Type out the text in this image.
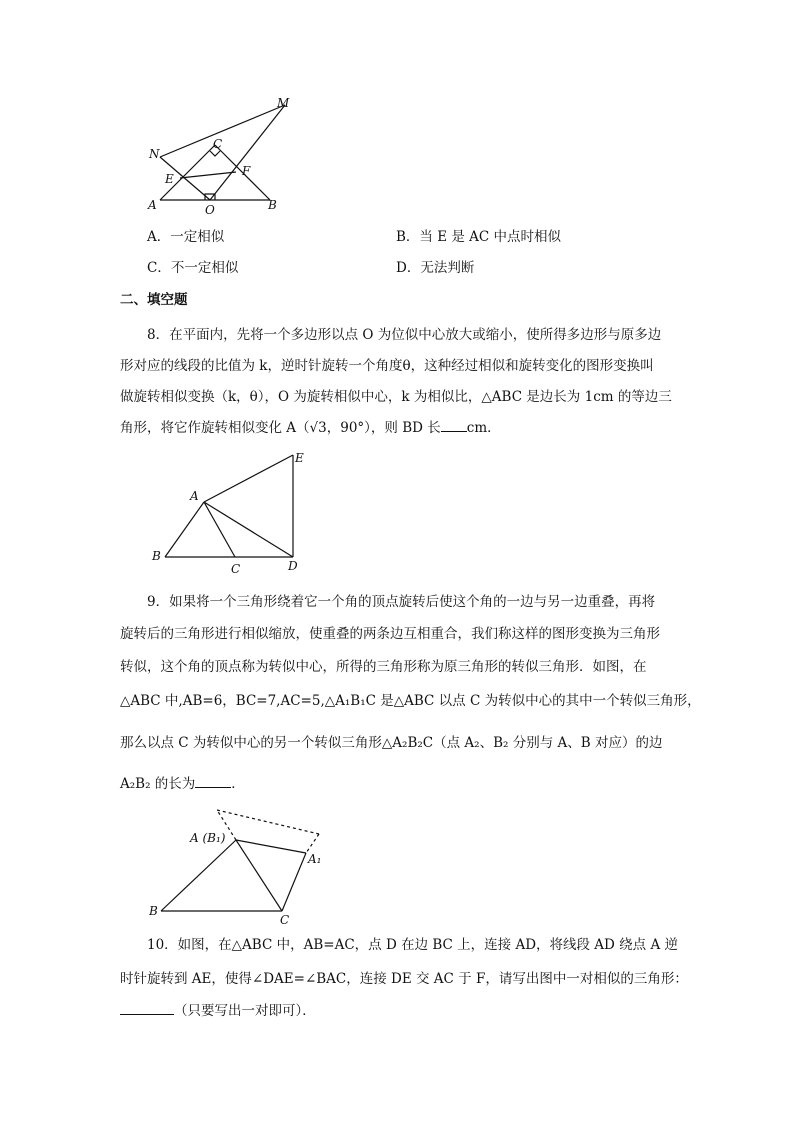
M
N
C
E
F
A	O	B
A．一定相似	B．当 E 是 AC 中点时相似
C．不一定相似	D．无法判断
二、填空题
8．在平面内，先将一个多边形以点 O 为位似中心放大或缩小，使所得多边形与原多边
形对应的线段的比值为 k，逆时针旋转一个角度θ，这种经过相似和旋转变化的图形变换叫
做旋转相似变换（k，θ），O 为旋转相似中心，k 为相似比，△ABC 是边长为 1cm 的等边三
角形，将它作旋转相似变化 A（√3，90°），则 BD 长 cm．
E
A
B
C	D
9．如果将一个三角形绕着它一个角的顶点旋转后使这个角的一边与另一边重叠，再将
旋转后的三角形进行相似缩放，使重叠的两条边互相重合，我们称这样的图形变换为三角形
转似，这个角的顶点称为转似中心，所得的三角形称为原三角形的转似三角形．如图，在
△ABC 中,AB=6，BC=7,AC=5,△A₁B₁C 是△ABC 以点 C 为转似中心的其中一个转似三角形，
那么以点 C 为转似中心的另一个转似三角形△A₂B₂C（点 A₂、B₂ 分别与 A、B 对应）的边
A₂B₂ 的长为	．
A (B₁)
A₁
B
C
10．如图，在△ABC 中，AB=AC，点 D 在边 BC 上，连接 AD，将线段 AD 绕点 A 逆
时针旋转到 AE，使得∠DAE=∠BAC，连接 DE 交 AC 于 F，请写出图中一对相似的三角形：
（只要写出一对即可）．
